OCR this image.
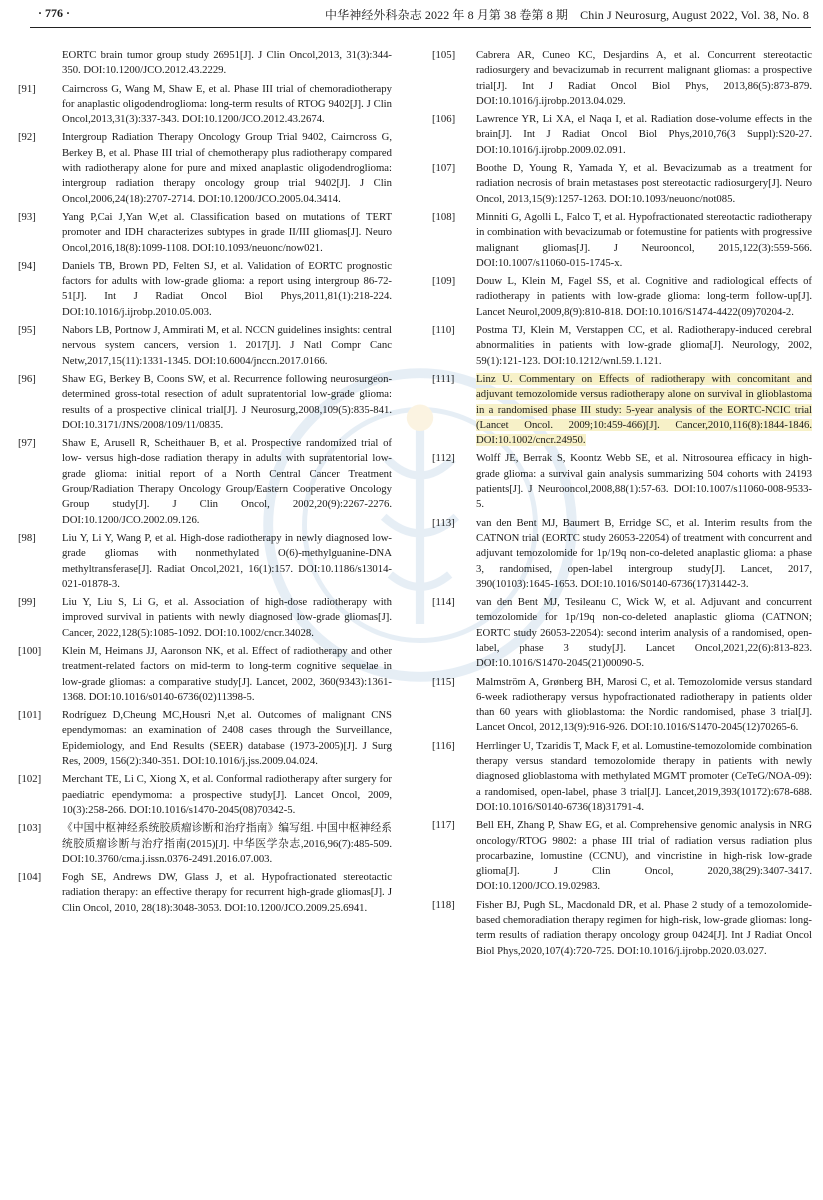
· 776 ·	中华神经外科杂志 2022 年 8 月第 38 卷第 8 期　Chin J Neurosurg, August 2022, Vol. 38, No. 8
EORTC brain tumor group study 26951[J]. J Clin Oncol,2013, 31(3):344-350. DOI:10.1200/JCO.2012.43.2229.
[91]	Cairncross G, Wang M, Shaw E, et al. Phase III trial of chemoradiotherapy for anaplastic oligodendroglioma: long-term results of RTOG 9402[J]. J Clin Oncol,2013,31(3):337-343. DOI:10.1200/JCO.2012.43.2674.
[92]	Intergroup Radiation Therapy Oncology Group Trial 9402, Cairncross G, Berkey B, et al. Phase III trial of chemotherapy plus radiotherapy compared with radiotherapy alone for pure and mixed anaplastic oligodendroglioma: intergroup radiation therapy oncology group trial 9402[J]. J Clin Oncol,2006,24(18):2707-2714. DOI:10.1200/JCO.2005.04.3414.
[93]	Yang P,Cai J,Yan W,et al. Classification based on mutations of TERT promoter and IDH characterizes subtypes in grade II/III gliomas[J]. Neuro Oncol,2016,18(8):1099-1108. DOI:10.1093/neuonc/now021.
[94]	Daniels TB, Brown PD, Felten SJ, et al. Validation of EORTC prognostic factors for adults with low-grade glioma: a report using intergroup 86-72-51[J]. Int J Radiat Oncol Biol Phys,2011,81(1):218-224. DOI:10.1016/j.ijrobp.2010.05.003.
[95]	Nabors LB, Portnow J, Ammirati M, et al. NCCN guidelines insights: central nervous system cancers, version 1. 2017[J]. J Natl Compr Canc Netw,2017,15(11):1331-1345. DOI:10.6004/jnccn.2017.0166.
[96]	Shaw EG, Berkey B, Coons SW, et al. Recurrence following neurosurgeon-determined gross-total resection of adult supratentorial low-grade glioma: results of a prospective clinical trial[J]. J Neurosurg,2008,109(5):835-841. DOI:10.3171/JNS/2008/109/11/0835.
[97]	Shaw E, Arusell R, Scheithauer B, et al. Prospective randomized trial of low- versus high-dose radiation therapy in adults with supratentorial low-grade glioma: initial report of a North Central Cancer Treatment Group/Radiation Therapy Oncology Group/Eastern Cooperative Oncology Group study[J]. J Clin Oncol, 2002,20(9):2267-2276. DOI:10.1200/JCO.2002.09.126.
[98]	Liu Y, Li Y, Wang P, et al. High-dose radiotherapy in newly diagnosed low-grade gliomas with nonmethylated O(6)-methylguanine-DNA methyltransferase[J]. Radiat Oncol,2021, 16(1):157. DOI:10.1186/s13014-021-01878-3.
[99]	Liu Y, Liu S, Li G, et al. Association of high-dose radiotherapy with improved survival in patients with newly diagnosed low-grade gliomas[J]. Cancer, 2022,128(5):1085-1092. DOI:10.1002/cncr.34028.
[100]	Klein M, Heimans JJ, Aaronson NK, et al. Effect of radiotherapy and other treatment-related factors on mid-term to long-term cognitive sequelae in low-grade gliomas: a comparative study[J]. Lancet, 2002, 360(9343):1361-1368. DOI:10.1016/s0140-6736(02)11398-5.
[101]	Rodríguez D,Cheung MC,Housri N,et al. Outcomes of malignant CNS ependymomas: an examination of 2408 cases through the Surveillance, Epidemiology, and End Results (SEER) database (1973-2005)[J]. J Surg Res, 2009, 156(2):340-351. DOI:10.1016/j.jss.2009.04.024.
[102]	Merchant TE, Li C, Xiong X, et al. Conformal radiotherapy after surgery for paediatric ependymoma: a prospective study[J]. Lancet Oncol, 2009, 10(3):258-266. DOI:10.1016/s1470-2045(08)70342-5.
[103]	《中国中枢神经系统胶质瘤诊断和治疗指南》编写组. 中国中枢神经系统胶质瘤诊断与治疗指南(2015)[J]. 中华医学杂志,2016,96(7):485-509. DOI:10.3760/cma.j.issn.0376-2491.2016.07.003.
[104]	Fogh SE, Andrews DW, Glass J, et al. Hypofractionated stereotactic radiation therapy: an effective therapy for recurrent high-grade gliomas[J]. J Clin Oncol, 2010, 28(18):3048-3053. DOI:10.1200/JCO.2009.25.6941.
[105]	Cabrera AR, Cuneo KC, Desjardins A, et al. Concurrent stereotactic radiosurgery and bevacizumab in recurrent malignant gliomas: a prospective trial[J]. Int J Radiat Oncol Biol Phys, 2013,86(5):873-879. DOI:10.1016/j.ijrobp.2013.04.029.
[106]	Lawrence YR, Li XA, el Naqa I, et al. Radiation dose-volume effects in the brain[J]. Int J Radiat Oncol Biol Phys,2010,76(3 Suppl):S20-27. DOI:10.1016/j.ijrobp.2009.02.091.
[107]	Boothe D, Young R, Yamada Y, et al. Bevacizumab as a treatment for radiation necrosis of brain metastases post stereotactic radiosurgery[J]. Neuro Oncol, 2013,15(9):1257-1263. DOI:10.1093/neuonc/not085.
[108]	Minniti G, Agolli L, Falco T, et al. Hypofractionated stereotactic radiotherapy in combination with bevacizumab or fotemustine for patients with progressive malignant gliomas[J]. J Neurooncol, 2015,122(3):559-566. DOI:10.1007/s11060-015-1745-x.
[109]	Douw L, Klein M, Fagel SS, et al. Cognitive and radiological effects of radiotherapy in patients with low-grade glioma: long-term follow-up[J]. Lancet Neurol,2009,8(9):810-818. DOI:10.1016/S1474-4422(09)70204-2.
[110]	Postma TJ, Klein M, Verstappen CC, et al. Radiotherapy-induced cerebral abnormalities in patients with low-grade glioma[J]. Neurology, 2002, 59(1):121-123. DOI:10.1212/wnl.59.1.121.
[111]	Linz U. Commentary on Effects of radiotherapy with concomitant and adjuvant temozolomide versus radiotherapy alone on survival in glioblastoma in a randomised phase III study: 5-year analysis of the EORTC-NCIC trial (Lancet Oncol. 2009;10:459-466)[J]. Cancer,2010,116(8):1844-1846. DOI:10.1002/cncr.24950.
[112]	Wolff JE, Berrak S, Koontz Webb SE, et al. Nitrosourea efficacy in high-grade glioma: a survival gain analysis summarizing 504 cohorts with 24193 patients[J]. J Neurooncol,2008,88(1):57-63. DOI:10.1007/s11060-008-9533-5.
[113]	van den Bent MJ, Baumert B, Erridge SC, et al. Interim results from the CATNON trial (EORTC study 26053-22054) of treatment with concurrent and adjuvant temozolomide for 1p/19q non-co-deleted anaplastic glioma: a phase 3, randomised, open-label intergroup study[J]. Lancet, 2017, 390(10103):1645-1653. DOI:10.1016/S0140-6736(17)31442-3.
[114]	van den Bent MJ, Tesileanu C, Wick W, et al. Adjuvant and concurrent temozolomide for 1p/19q non-co-deleted anaplastic glioma (CATNON; EORTC study 26053-22054): second interim analysis of a randomised, open-label, phase 3 study[J]. Lancet Oncol,2021,22(6):813-823. DOI:10.1016/S1470-2045(21)00090-5.
[115]	Malmström A, Grønberg BH, Marosi C, et al. Temozolomide versus standard 6-week radiotherapy versus hypofractionated radiotherapy in patients older than 60 years with glioblastoma: the Nordic randomised, phase 3 trial[J]. Lancet Oncol, 2012,13(9):916-926. DOI:10.1016/S1470-2045(12)70265-6.
[116]	Herrlinger U, Tzaridis T, Mack F, et al. Lomustine-temozolomide combination therapy versus standard temozolomide therapy in patients with newly diagnosed glioblastoma with methylated MGMT promoter (CeTeG/NOA-09): a randomised, open-label, phase 3 trial[J]. Lancet,2019,393(10172):678-688. DOI:10.1016/S0140-6736(18)31791-4.
[117]	Bell EH, Zhang P, Shaw EG, et al. Comprehensive genomic analysis in NRG oncology/RTOG 9802: a phase III trial of radiation versus radiation plus procarbazine, lomustine (CCNU), and vincristine in high-risk low-grade glioma[J]. J Clin Oncol, 2020,38(29):3407-3417. DOI:10.1200/JCO.19.02983.
[118]	Fisher BJ, Pugh SL, Macdonald DR, et al. Phase 2 study of a temozolomide-based chemoradiation therapy regimen for high-risk, low-grade gliomas: long-term results of radiation therapy oncology group 0424[J]. Int J Radiat Oncol Biol Phys,2020,107(4):720-725. DOI:10.1016/j.ijrobp.2020.03.027.
